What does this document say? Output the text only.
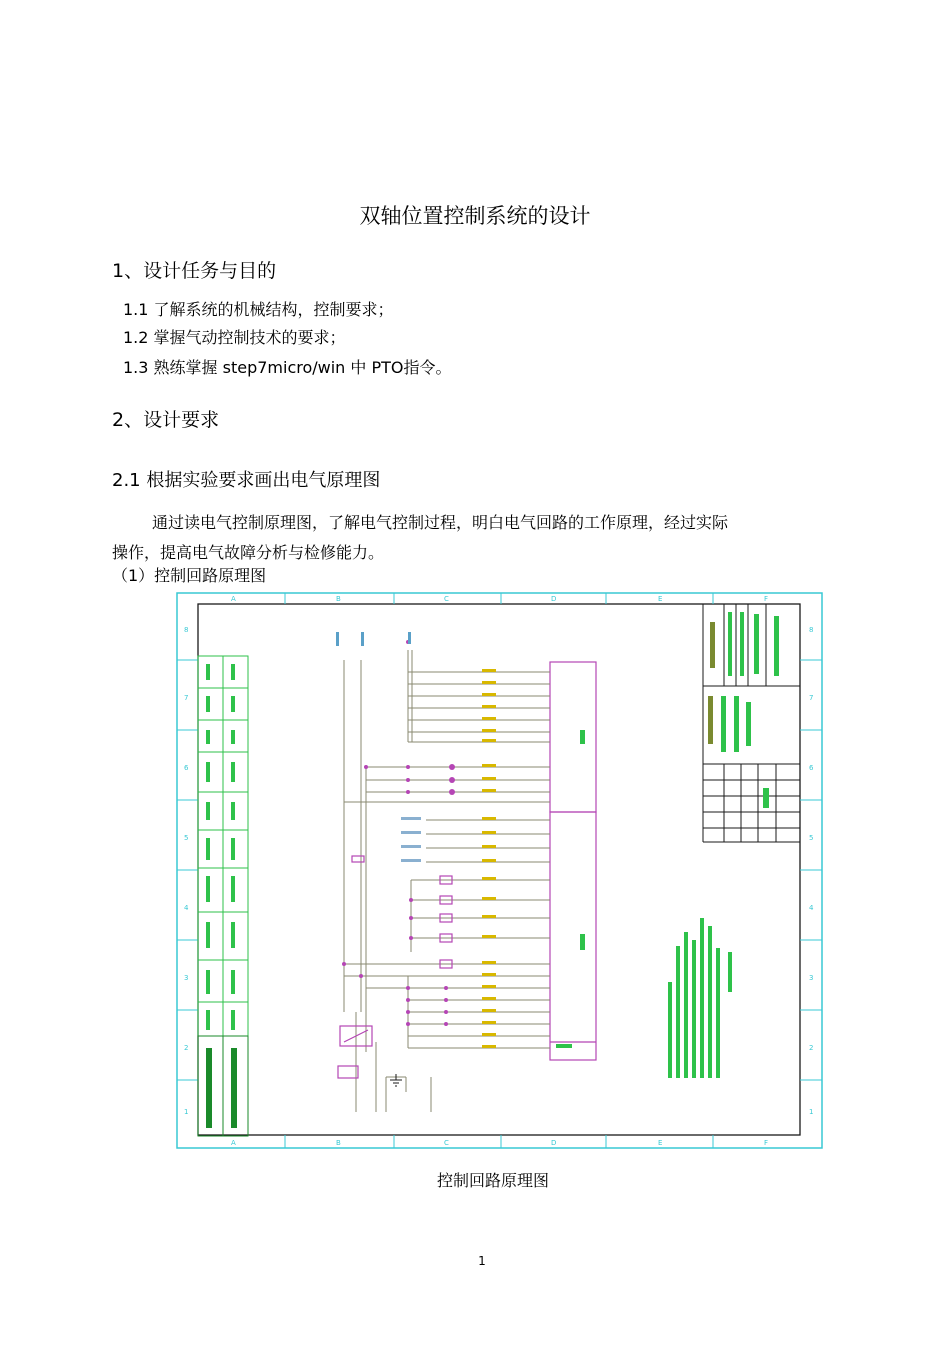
双轴位置控制系统的设计
1、设计任务与目的
1.1 了解系统的机械结构，控制要求；
1.2 掌握气动控制技术的要求；
1.3 熟练掌握 step7micro/win 中 PTO指令。
2、设计要求
2.1 根据实验要求画出电气原理图
通过读电气控制原理图，了解电气控制过程，明白电气回路的工作原理，经过实际
操作，提高电气故障分析与检修能力。
（1）控制回路原理图
A	B	C	D	E	F
A	B	C	D	E	F
8
7
6
5
4
3
2
1
8
7
6
5
4
3
2
1
控制回路原理图
1
